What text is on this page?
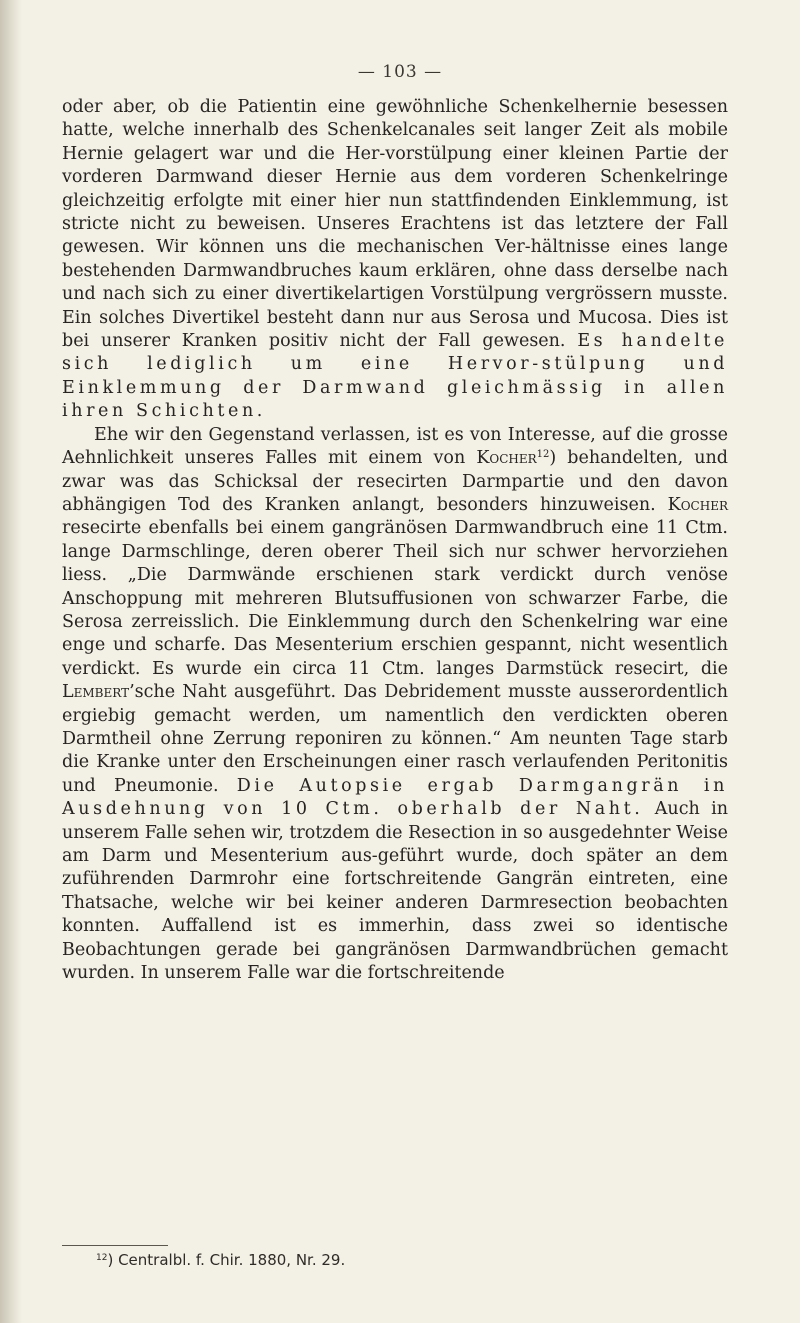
— 103 —

oder aber, ob die Patientin eine gewöhnliche Schenkelhernie besessen hatte, welche innerhalb des Schenkelcanales seit langer Zeit als mobile Hernie gelagert war und die Her-vorstülpung einer kleinen Partie der vorderen Darmwand dieser Hernie aus dem vorderen Schenkelringe gleichzeitig erfolgte mit einer hier nun stattfindenden Einklemmung, ist stricte nicht zu beweisen. Unseres Erachtens ist das letztere der Fall gewesen. Wir können uns die mechanischen Ver-hältnisse eines lange bestehenden Darmwandbruches kaum erklären, ohne dass derselbe nach und nach sich zu einer divertikelartigen Vorstülpung vergrössern musste. Ein solches Divertikel besteht dann nur aus Serosa und Mucosa. Dies ist bei unserer Kranken positiv nicht der Fall gewesen. Es handelte sich lediglich um eine Hervor-stülpung und Einklemmung der Darmwand gleichmässig in allen ihren Schichten.

Ehe wir den Gegenstand verlassen, ist es von Interesse, auf die grosse Aehnlichkeit unseres Falles mit einem von Kocher$^{12}$) behandelten, und zwar was das Schicksal der resecirten Darmpartie und den davon abhängigen Tod des Kranken anlangt, besonders hinzuweisen. Kocher resecirte ebenfalls bei einem gangränösen Darmwandbruch eine 11 Ctm. lange Darmschlinge, deren oberer Theil sich nur schwer hervorziehen liess. „Die Darmwände erschienen stark verdickt durch venöse Anschoppung mit mehreren Blutsuffusionen von schwarzer Farbe, die Serosa zerreisslich. Die Einklemmung durch den Schenkelring war eine enge und scharfe. Das Mesenterium erschien gespannt, nicht wesentlich verdickt. Es wurde ein circa 11 Ctm. langes Darmstück resecirt, die Lembert’sche Naht ausgeführt. Das Debridement musste ausserordentlich ergiebig gemacht werden, um namentlich den verdickten oberen Darmtheil ohne Zerrung reponiren zu können.“ Am neunten Tage starb die Kranke unter den Erscheinungen einer rasch verlaufenden Peritonitis und Pneumonie. Die Autopsie ergab Darmgangrän in Ausdehnung von 10 Ctm. oberhalb der Naht. Auch in unserem Falle sehen wir, trotzdem die Resection in so ausgedehnter Weise am Darm und Mesenterium aus-geführt wurde, doch später an dem zuführenden Darmrohr eine fortschreitende Gangrän eintreten, eine Thatsache, welche wir bei keiner anderen Darmresection beobachten konnten. Auffallend ist es immerhin, dass zwei so identische Beobachtungen gerade bei gangränösen Darmwandbrüchen gemacht wurden. In unserem Falle war die fortschreitende

$^{12}$) Centralbl. f. Chir. 1880, Nr. 29.
